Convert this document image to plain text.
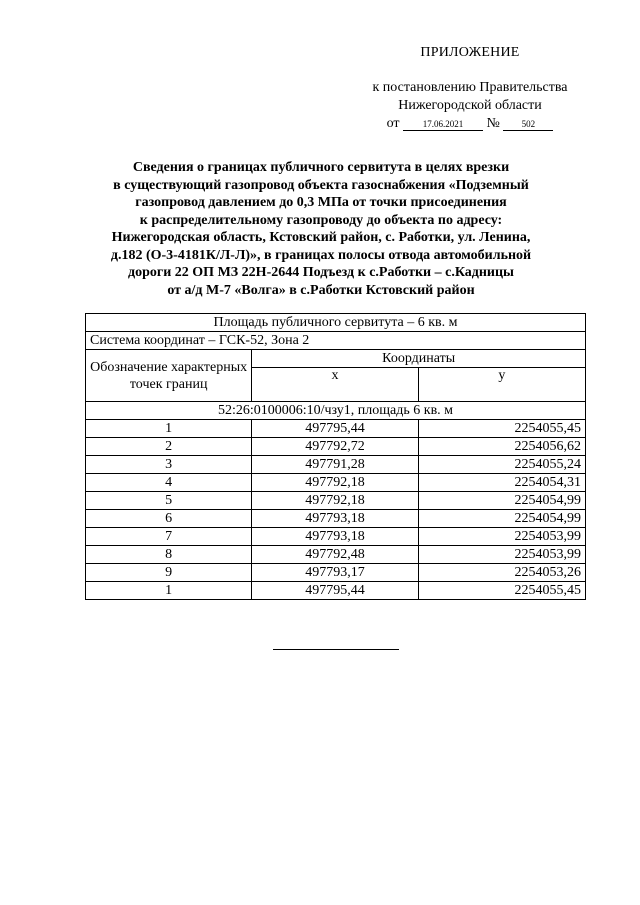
ПРИЛОЖЕНИЕ
к постановлению Правительства
Нижегородской области
от	17.06.2021 № 502
Сведения о границах публичного сервитута в целях врезки
в существующий газопровод объекта газоснабжения «Подземный
газопровод давлением до 0,3 МПа от точки присоединения
к распределительному газопроводу до объекта по адресу:
Нижегородская область, Кстовский район, с. Работки, ул. Ленина,
д.182 (О-3-4181К/Л-Л)», в границах полосы отвода автомобильной
дороги 22 ОП МЗ 22Н-2644 Подъезд к с.Работки – с.Кадницы
от а/д М-7 «Волга» в с.Работки Кстовский район
Площадь публичного сервитута – 6 кв. м		
Система координат – ГСК-52, Зона 2		
Обозначение характерных точек границ	Координаты	
	x	y
52:26:0100006:10/чзу1, площадь 6 кв. м		
1	497795,44	2254055,45
2	497792,72	2254056,62
3	497791,28	2254055,24
4	497792,18	2254054,31
5	497792,18	2254054,99
6	497793,18	2254054,99
7	497793,18	2254053,99
8	497792,48	2254053,99
9	497793,17	2254053,26
1	497795,44	2254055,45
